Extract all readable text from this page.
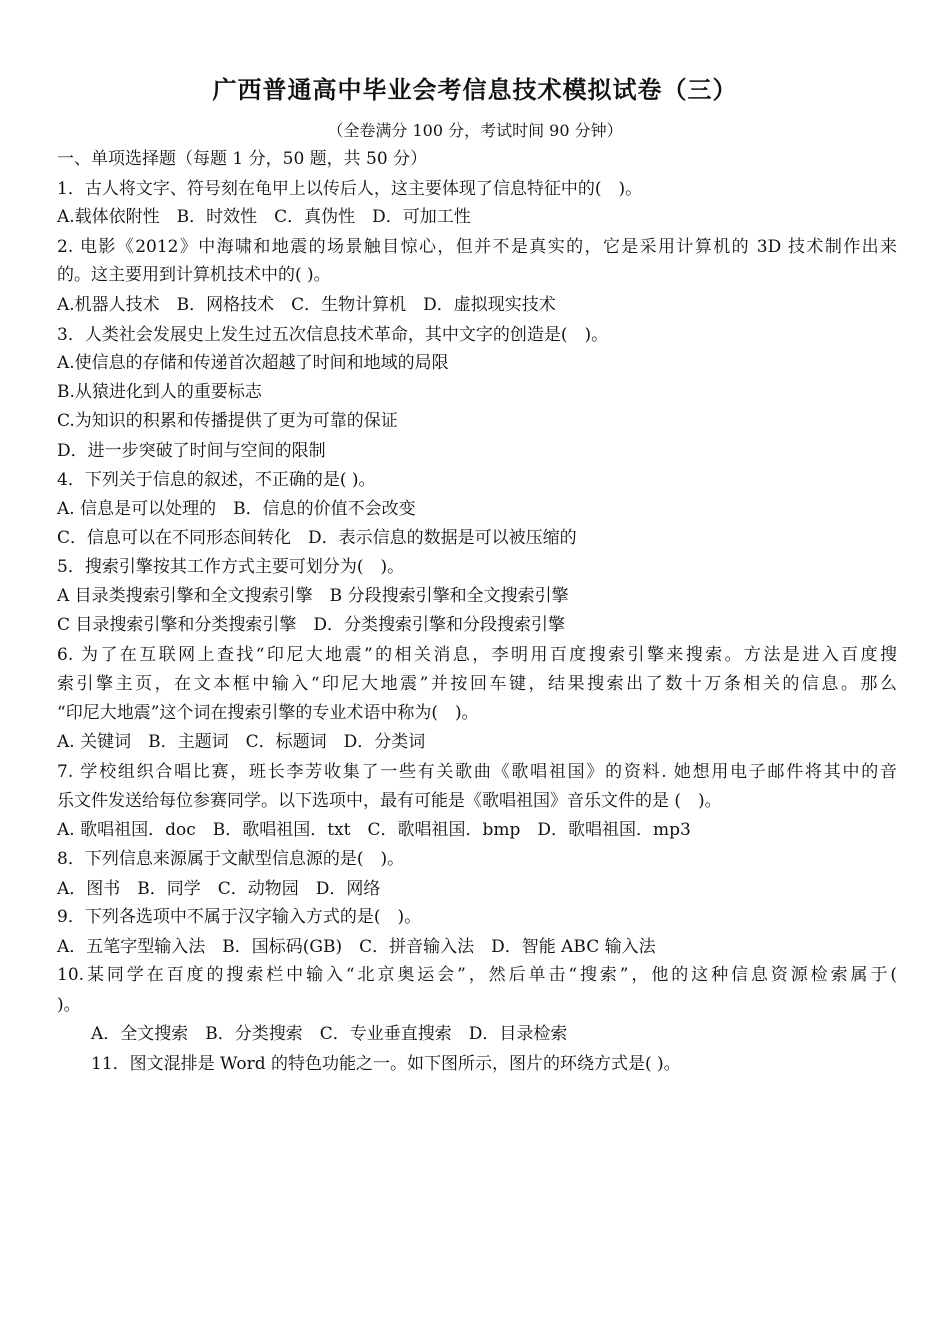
广西普通高中毕业会考信息技术模拟试卷（三）
（全卷满分 100 分，考试时间 90 分钟）
一、单项选择题（每题 1 分，50 题，共 50 分）
1．古人将文字、符号刻在龟甲上以传后人，这主要体现了信息特征中的(　)。
A.载体依附性　B．时效性　C．真伪性　D．可加工性
2. 电影《2012》中海啸和地震的场景触目惊心，但并不是真实的，它是采用计算机的 3D 技术制作出来
的。这主要用到计算机技术中的( )。
A.机器人技术　B．网格技术　C．生物计算机　D．虚拟现实技术
3．人类社会发展史上发生过五次信息技术革命，其中文字的创造是(　)。
A.使信息的存储和传递首次超越了时间和地域的局限
B.从猿进化到人的重要标志
C.为知识的积累和传播提供了更为可靠的保证
D．进一步突破了时间与空间的限制
4．下列关于信息的叙述，不正确的是( )。
A. 信息是可以处理的　B．信息的价值不会改变
C．信息可以在不同形态间转化　D．表示信息的数据是可以被压缩的
5．搜索引擎按其工作方式主要可划分为(　)。
A 目录类搜索引擎和全文搜索引擎　B 分段搜索引擎和全文搜索引擎
C 目录搜索引擎和分类搜索引擎　D．分类搜索引擎和分段搜索引擎
6. 为了在互联网上查找“印尼大地震”的相关消息，李明用百度搜索引擎来搜索。方法是进入百度搜
索引擎主页，在文本框中输入“印尼大地震”并按回车键，结果搜索出了数十万条相关的信息。那么
“印尼大地震”这个词在搜索引擎的专业术语中称为(　)。
A. 关键词　B．主题词　C．标题词　D．分类词
7. 学校组织合唱比赛，班长李芳收集了一些有关歌曲《歌唱祖国》的资料. 她想用电子邮件将其中的音
乐文件发送给每位参赛同学。以下选项中，最有可能是《歌唱祖国》音乐文件的是 (　)。
A. 歌唱祖国．doc　B．歌唱祖国．txt　C．歌唱祖国．bmp　D．歌唱祖国．mp3
8．下列信息来源属于文献型信息源的是(　)。
A．图书　B．同学　C．动物园　D．网络
9．下列各选项中不属于汉字输入方式的是(　)。
A．五笔字型输入法　B．国标码(GB)　C．拼音输入法　D．智能 ABC 输入法
10.某同学在百度的搜索栏中输入“北京奥运会”，然后单击“搜索”，他的这种信息资源检索属于(
)。
　　A．全文搜索　B．分类搜索　C．专业垂直搜索　D．目录检索
　　11．图文混排是 Word 的特色功能之一。如下图所示，图片的环绕方式是( )。
